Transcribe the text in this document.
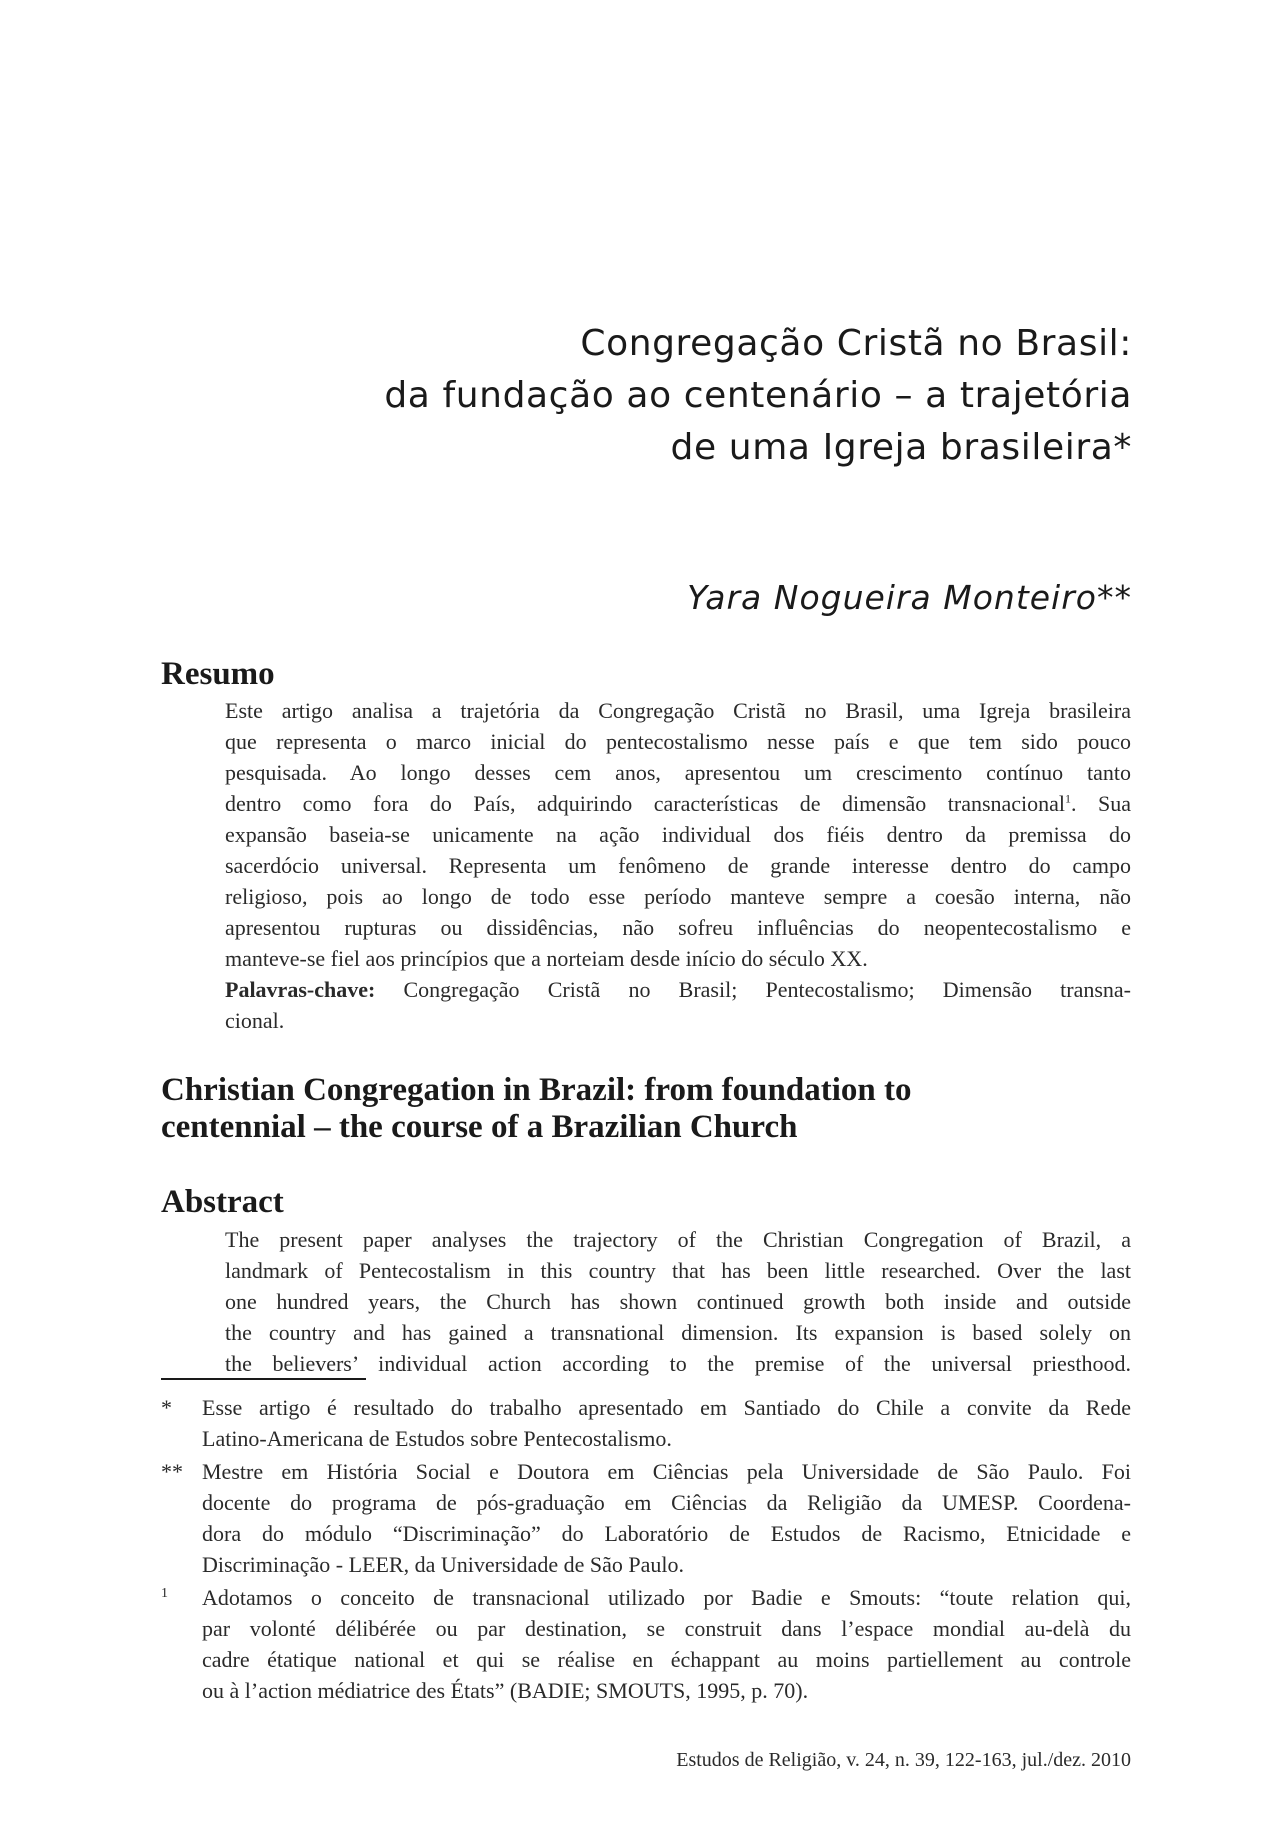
Congregação Cristã no Brasil:
da fundação ao centenário – a trajetória
de uma Igreja brasileira*
Yara Nogueira Monteiro**
Resumo
Este artigo analisa a trajetória da Congregação Cristã no Brasil, uma Igreja brasileira
que representa o marco inicial do pentecostalismo nesse país e que tem sido pouco
pesquisada. Ao longo desses cem anos, apresentou um crescimento contínuo tanto
dentro como fora do País, adquirindo características de dimensão transnacional$^1$. Sua
expansão baseia-se unicamente na ação individual dos fiéis dentro da premissa do
sacerdócio universal. Representa um fenômeno de grande interesse dentro do campo
religioso, pois ao longo de todo esse período manteve sempre a coesão interna, não
apresentou rupturas ou dissidências, não sofreu influências do neopentecostalismo e
manteve-se fiel aos princípios que a norteiam desde início do século XX.
Palavras-chave: Congregação Cristã no Brasil; Pentecostalismo; Dimensão transna-
cional.
Christian Congregation in Brazil: from foundation to
centennial – the course of a Brazilian Church
Abstract
The present paper analyses the trajectory of the Christian Congregation of Brazil, a
landmark of Pentecostalism in this country that has been little researched. Over the last
one hundred years, the Church has shown continued growth both inside and outside
the country and has gained a transnational dimension. Its expansion is based solely on
the believers’ individual action according to the premise of the universal priesthood.
* Esse artigo é resultado do trabalho apresentado em Santiado do Chile a convite da Rede
Latino-Americana de Estudos sobre Pentecostalismo.
** Mestre em História Social e Doutora em Ciências pela Universidade de São Paulo. Foi
docente do programa de pós-graduação em Ciências da Religião da UMESP. Coordena-
dora do módulo “Discriminação” do Laboratório de Estudos de Racismo, Etnicidade e
Discriminação - LEER, da Universidade de São Paulo.
1 Adotamos o conceito de transnacional utilizado por Badie e Smouts: “toute relation qui,
par volonté délibérée ou par destination, se construit dans l’espace mondial au-delà du
cadre étatique national et qui se réalise en échappant au moins partiellement au controle
ou à l’action médiatrice des États” (BADIE; SMOUTS, 1995, p. 70).
Estudos de Religião, v. 24, n. 39, 122-163, jul./dez. 2010
